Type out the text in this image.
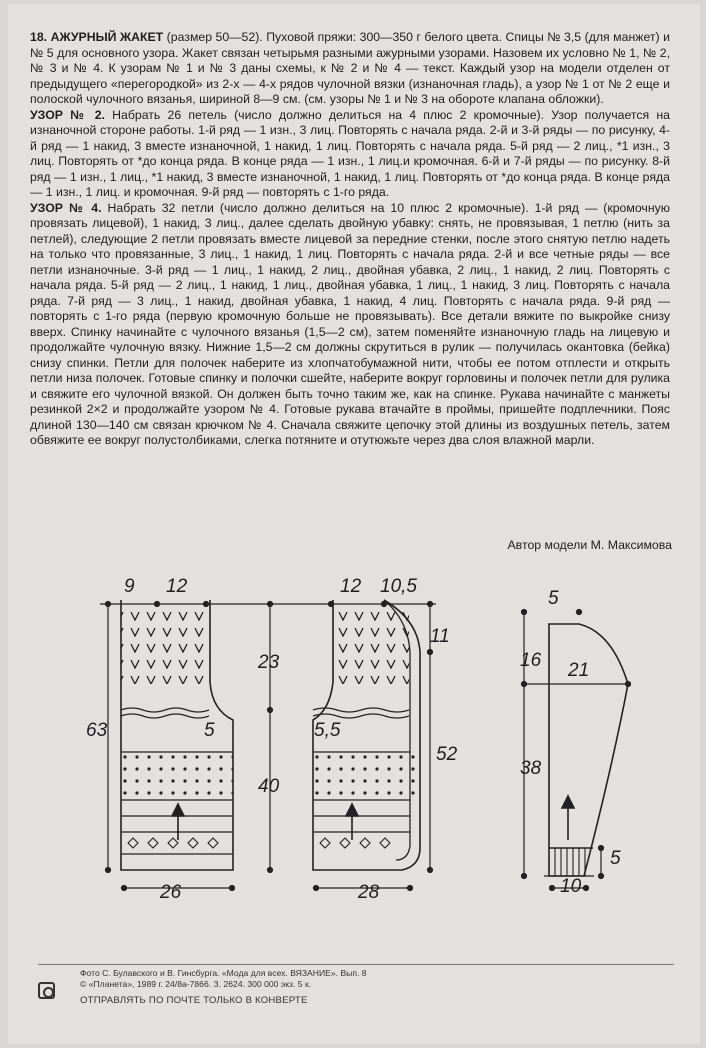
18. АЖУРНЫЙ ЖАКЕТ (размер 50—52). Пуховой пряжи: 300—350 г белого цвета. Спицы № 3,5 (для манжет) и № 5 для основного узора. Жакет связан четырьмя разными ажурными узорами. Назовем их условно № 1, № 2, № 3 и № 4. К узорам № 1 и № 3 даны схемы, к № 2 и № 4 — текст. Каждый узор на модели отделен от предыдущего «перегородкой» из 2-х — 4-х рядов чулочной вязки (изнаночная гладь), а узор № 1 от № 2 еще и полоской чулочного вязанья, шириной 8—9 см. (см. узоры № 1 и № 3 на обороте клапана обложки).

УЗОР № 2. Набрать 26 петель (число должно делиться на 4 плюс 2 кромочные). Узор получается на изнаночной стороне работы. 1-й ряд — 1 изн., 3 лиц. Повторять с начала ряда. 2-й и 3-й ряды — по рисунку, 4-й ряд — 1 накид, 3 вместе изнаночной, 1 накид, 1 лиц. Повторять с начала ряда. 5-й ряд — 2 лиц., *1 изн., 3 лиц. Повторять от *до конца ряда. В конце ряда — 1 изн., 1 лиц.и кромочная. 6-й и 7-й ряды — по рисунку. 8-й ряд — 1 изн., 1 лиц., *1 накид, 3 вместе изнаночной, 1 накид, 1 лиц. Повторять от *до конца ряда. В конце ряда — 1 изн., 1 лиц. и кромочная. 9-й ряд — повторять с 1-го ряда.

УЗОР № 4. Набрать 32 петли (число должно делиться на 10 плюс 2 кромочные). 1-й ряд — (кромочную провязать лицевой), 1 накид, 3 лиц., далее сделать двойную убавку: снять, не провязывая, 1 петлю (нить за петлей), следующие 2 петли провязать вместе лицевой за передние стенки, после этого снятую петлю надеть на только что провязанные, 3 лиц., 1 накид, 1 лиц. Повторять с начала ряда. 2-й и все четные ряды — все петли изнаночные. 3-й ряд — 1 лиц., 1 накид, 2 лиц., двойная убавка, 2 лиц., 1 накид, 2 лиц. Повторять с начала ряда. 5-й ряд — 2 лиц., 1 накид, 1 лиц., двойная убавка, 1 лиц., 1 накид, 3 лиц. Повторять с начала ряда. 7-й ряд — 3 лиц., 1 накид, двойная убавка, 1 накид, 4 лиц. Повторять с начала ряда. 9-й ряд — повторять с 1-го ряда (первую кромочную больше не провязывать). Все детали вяжите по выкройке снизу вверх. Спинку начинайте с чулочного вязанья (1,5—2 см), затем поменяйте изнаночную гладь на лицевую и продолжайте чулочную вязку. Нижние 1,5—2 см должны скрутиться в рулик — получилась окантовка (бейка) снизу спинки. Петли для полочек наберите из хлопчатобумажной нити, чтобы ее потом отплести и открыть петли низа полочек. Готовые спинку и полочки сшейте, наберите вокруг горловины и полочек петли для рулика и свяжите его чулочной вязкой. Он должен быть точно таким же, как на спинке. Рукава начинайте с манжеты резинкой 2×2 и продолжайте узором № 4. Готовые рукава втачайте в проймы, пришейте подплечники. Пояс длиной 130—140 см связан крючком № 4. Сначала свяжите цепочку этой длины из воздушных петель, затем обвяжите ее вокруг полустолбиками, слегка потяните и отутюжьте через два слоя влажной марли.

Автор модели М. Максимова
9 12
63
23
40
26
5
12 10,5
11
52
28
5,5
5
16 21
38
5
10
Фото С. Булавского и В. Гинсбурга. «Мода для всех. ВЯЗАНИЕ». Вып. 8
© «Планета», 1989 г. 24/8а-7866. З. 2624. 300 000 экз. 5 к.
ОТПРАВЛЯТЬ ПО ПОЧТЕ ТОЛЬКО В КОНВЕРТЕ
